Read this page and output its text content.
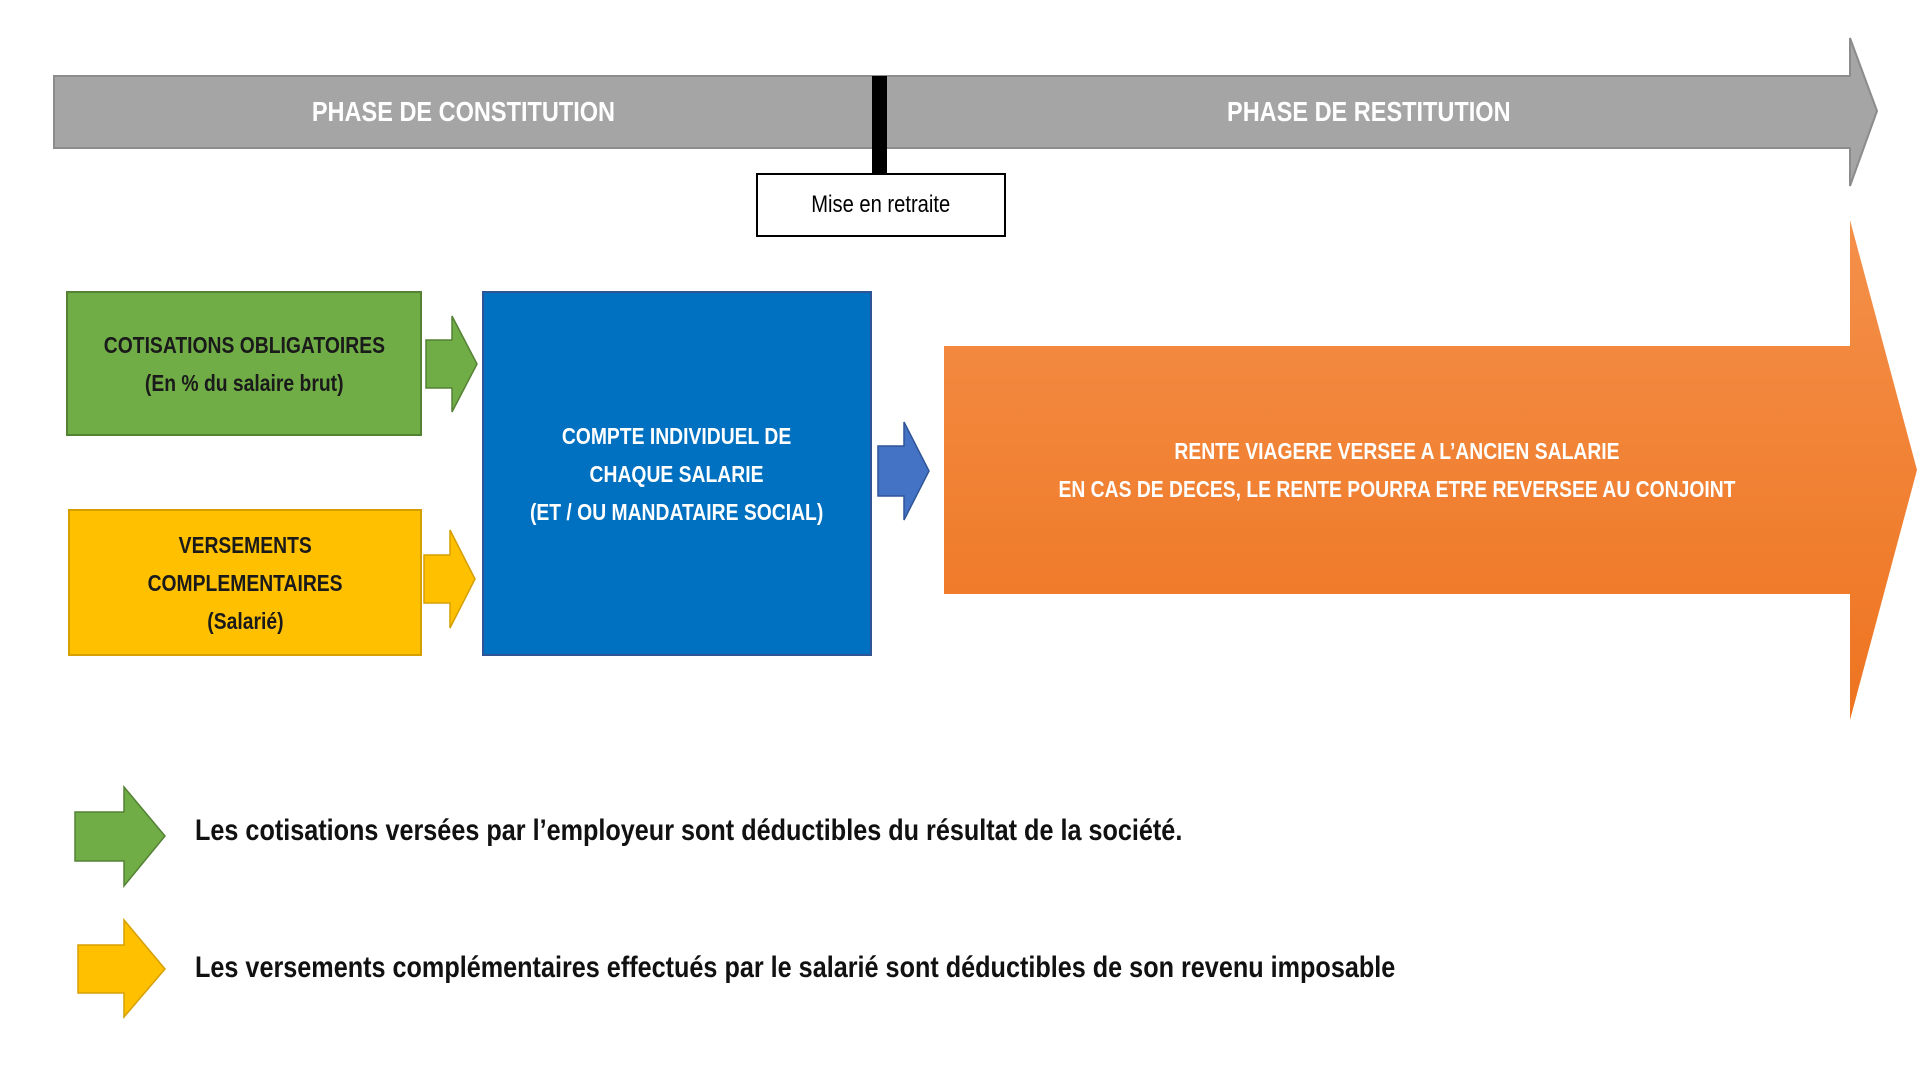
PHASE DE CONSTITUTION	PHASE DE RESTITUTION
Mise en retraite
COTISATIONS OBLIGATOIRES
(En % du salaire brut)
VERSEMENTS
COMPLEMENTAIRES
(Salarié)
COMPTE INDIVIDUEL DE
CHAQUE SALARIE
(ET / OU MANDATAIRE SOCIAL)
RENTE VIAGERE VERSEE A L’ANCIEN SALARIE
EN CAS DE DECES, LE RENTE POURRA ETRE REVERSEE AU CONJOINT
Les cotisations versées par l’employeur sont déductibles du résultat de la société.
Les versements complémentaires effectués par le salarié sont déductibles de son revenu imposable
